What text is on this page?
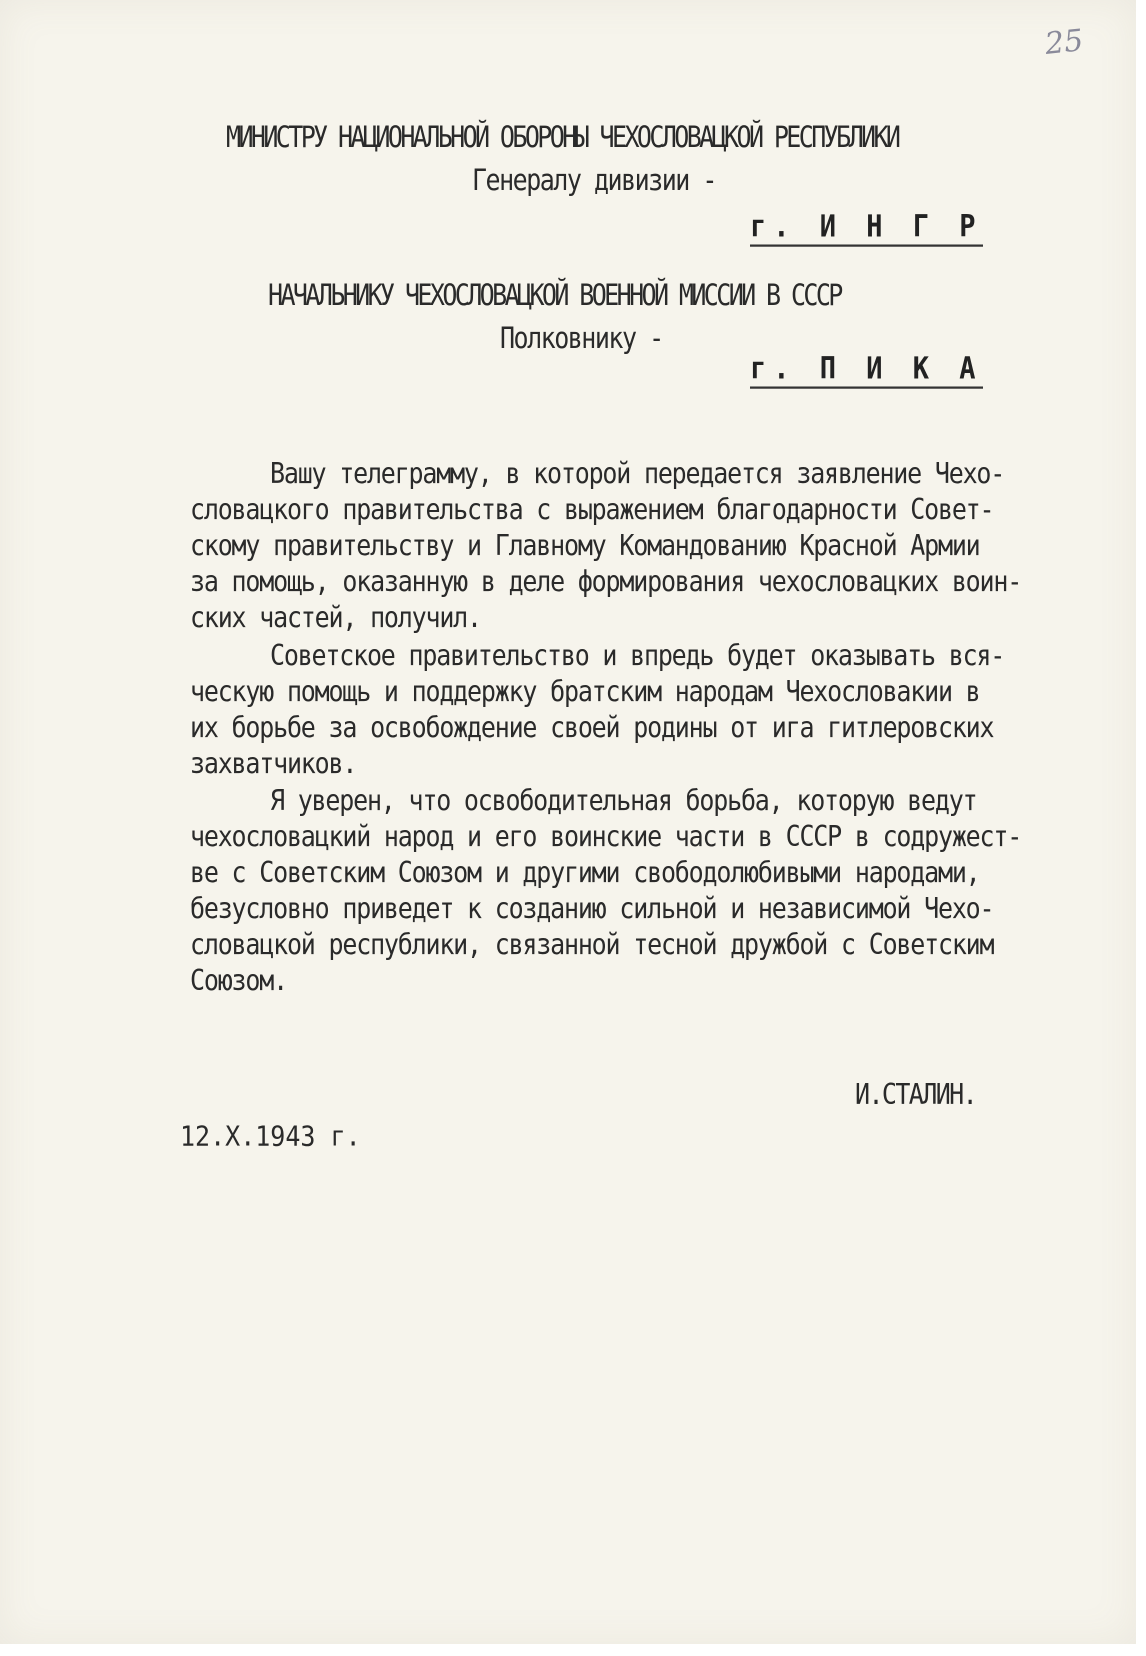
25
МИНИСТРУ НАЦИОНАЛЬНОЙ ОБОРОНЫ ЧЕХОСЛОВАЦКОЙ РЕСПУБЛИКИ
Генералу дивизии -
г. И Н Г Р
НАЧАЛЬНИКУ ЧЕХОСЛОВАЦКОЙ ВОЕННОЙ МИССИИ В СССР
Полковнику -
г. П И К А
Вашу телеграмму, в которой передается заявление Чехо-
словацкого правительства с выражением благодарности Совет-
скому правительству и Главному Командованию Красной Армии
за помощь, оказанную в деле формирования чехословацких воин-
ских частей, получил.
Советское правительство и впредь будет оказывать вся-
ческую помощь и поддержку братским народам Чехословакии в
их борьбе за освобождение своей родины от ига гитлеровских
захватчиков.
Я уверен, что освободительная борьба, которую ведут
чехословацкий народ и его воинские части в СССР в содружест-
ве с Советским Союзом и другими свободолюбивыми народами,
безусловно приведет к созданию сильной и независимой Чехо-
словацкой республики, связанной тесной дружбой с Советским
Союзом.
И.СТАЛИН.
12.X.1943 г.
